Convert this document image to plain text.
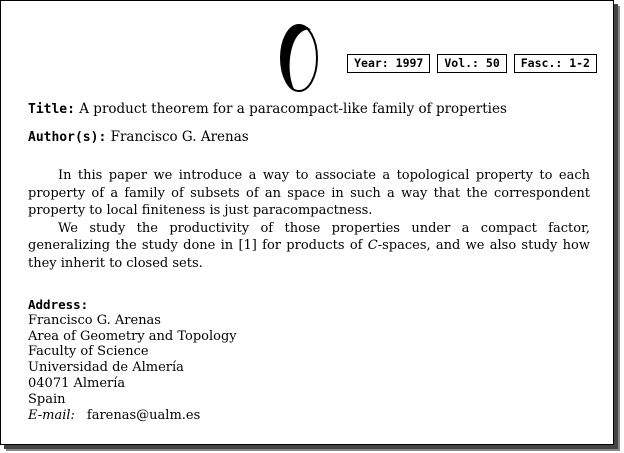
Year: 1997	Vol.: 50	Fasc.: 1-2
Title: A product theorem for a paracompact-like family of properties
Author(s): Francisco G. Arenas

In this paper we introduce a way to associate a topological property to each property of a family of subsets of an space in such a way that the correspondent property to local finiteness is just paracompactness.

We study the productivity of those properties under a compact factor, generalizing the study done in [1] for products of C-spaces, and we also study how they inherit to closed sets.

Address:
Francisco G. Arenas
Area of Geometry and Topology
Faculty of Science
Universidad de Almería
04071 Almería
Spain
E-mail: farenas@ualm.es
